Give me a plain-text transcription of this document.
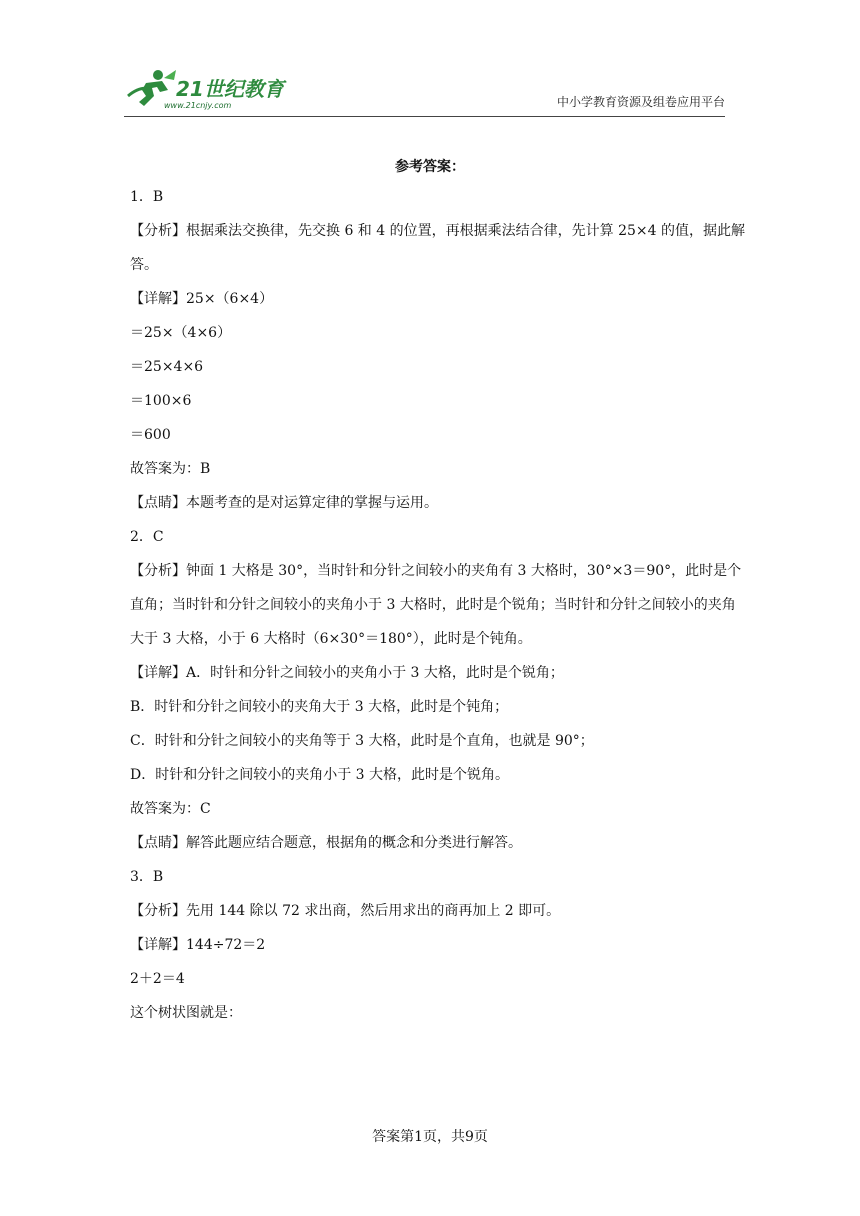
21世纪教育
www.21cnjy.com	中小学教育资源及组卷应用平台
参考答案：

1．B

【分析】根据乘法交换律，先交换 6 和 4 的位置，再根据乘法结合律，先计算 25×4 的值，据此解答。

【详解】25×（6×4）

＝25×（4×6）

＝25×4×6

＝100×6

＝600

故答案为：B

【点睛】本题考查的是对运算定律的掌握与运用。

2．C

【分析】钟面 1 大格是 30°，当时针和分针之间较小的夹角有 3 大格时，30°×3＝90°，此时是个直角；当时针和分针之间较小的夹角小于 3 大格时，此时是个锐角；当时针和分针之间较小的夹角大于 3 大格，小于 6 大格时（6×30°＝180°），此时是个钝角。

【详解】A．时针和分针之间较小的夹角小于 3 大格，此时是个锐角；

B．时针和分针之间较小的夹角大于 3 大格，此时是个钝角；

C．时针和分针之间较小的夹角等于 3 大格，此时是个直角，也就是 90°；

D．时针和分针之间较小的夹角小于 3 大格，此时是个锐角。

故答案为：C

【点睛】解答此题应结合题意，根据角的概念和分类进行解答。

3．B

【分析】先用 144 除以 72 求出商，然后用求出的商再加上 2 即可。

【详解】144÷72＝2

2＋2＝4

这个树状图就是：

答案第1页，共9页
